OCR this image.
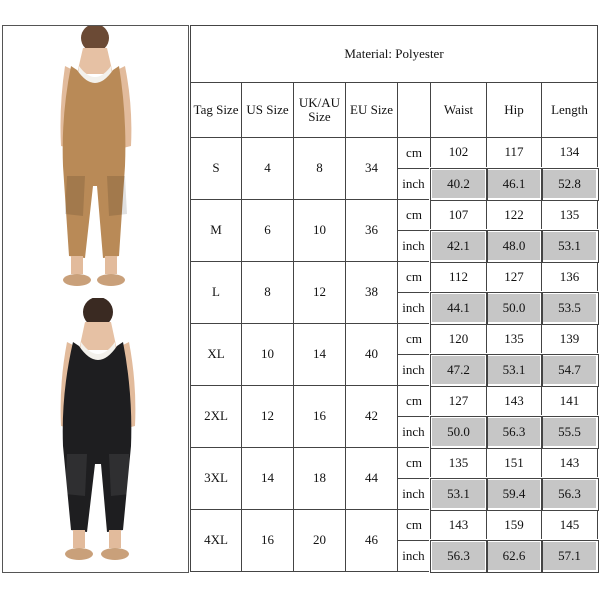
Material: Polyester							
Tag Size	US Size	UK/AU Size	EU Size		Waist	Hip	Length
S	4	8	34	cm	102	117	134
				inch	40.2	46.1	52.8
M	6	10	36	cm	107	122	135
				inch	42.1	48.0	53.1
L	8	12	38	cm	112	127	136
				inch	44.1	50.0	53.5
XL	10	14	40	cm	120	135	139
				inch	47.2	53.1	54.7
2XL	12	16	42	cm	127	143	141
				inch	50.0	56.3	55.5
3XL	14	18	44	cm	135	151	143
				inch	53.1	59.4	56.3
4XL	16	20	46	cm	143	159	145
				inch	56.3	62.6	57.1
